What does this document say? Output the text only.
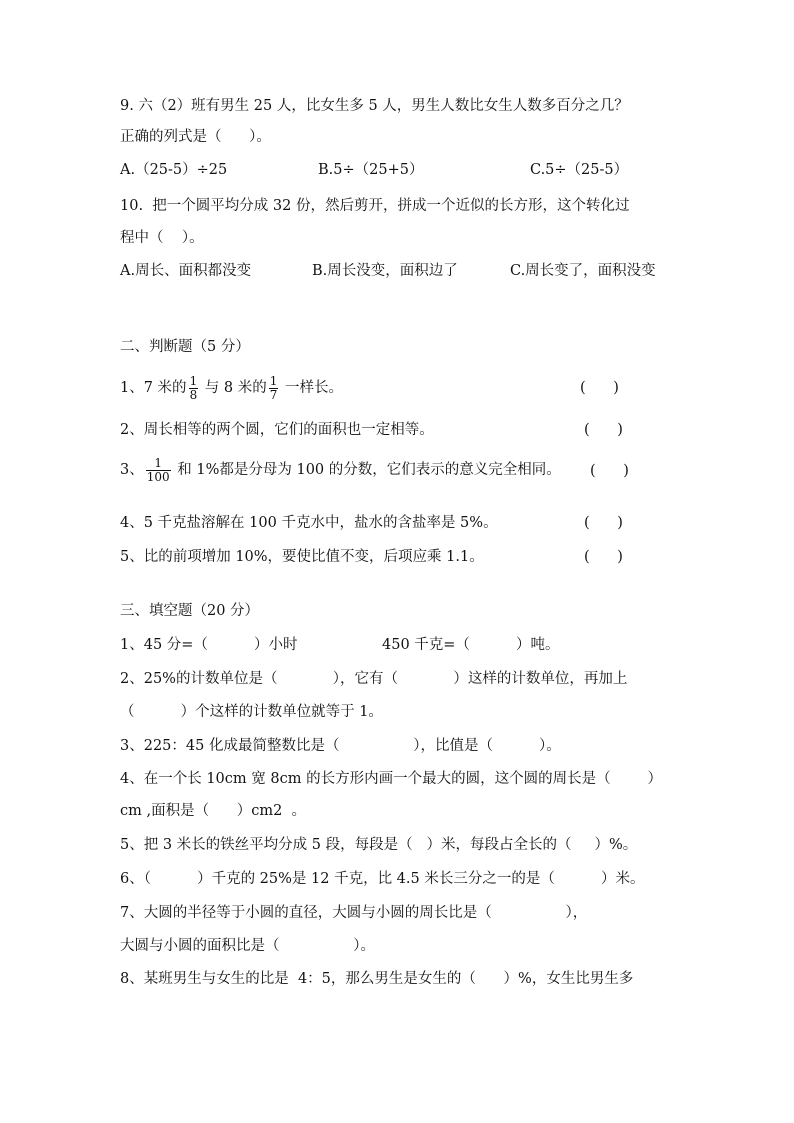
9. 六（2）班有男生 25 人，比女生多 5 人，男生人数比女生人数多百分之几？
正确的列式是（      ）。
A.（25-5）÷25	B.5÷（25+5）	C.5÷（25-5）
10.  把一个圆平均分成 32 份，然后剪开，拼成一个近似的长方形，这个转化过
程中（    ）。
A.周长、面积都没变	B.周长没变，面积边了	C.周长变了，面积没变
二、判断题（5 分）
1、7 米的 $\frac{1}{8}$ 与 8 米的 $\frac{1}{7}$ 一样长。	(      )
2、周长相等的两个圆，它们的面积也一定相等。	(      )
3、 $\frac{1}{100}$ 和 1%都是分母为 100 的分数，它们表示的意义完全相同。 (      )
4、5 千克盐溶解在 100 千克水中，盐水的含盐率是 5%。	(      )
5、比的前项增加 10%，要使比值不变，后项应乘 1.1。	(      )
三、填空题（20 分）
1、45 分=（          ）小时	450 千克=（          ）吨。
2、25%的计数单位是（            ），它有（            ）这样的计数单位，再加上
（          ）个这样的计数单位就等于 1。
3、225：45 化成最简整数比是（                ），比值是（          ）。
4、在一个长 10cm 宽 8cm 的长方形内画一个最大的圆，这个圆的周长是（        ）
cm ,面积是（      ）cm2  。
5、把 3 米长的铁丝平均分成 5 段，每段是（   ）米，每段占全长的（     ）%。
6、（          ）千克的 25%是 12 千克，比 4.5 米长三分之一的是（          ）米。
7、大圆的半径等于小圆的直径，大圆与小圆的周长比是（                ），
大圆与小圆的面积比是（                ）。
8、某班男生与女生的比是  4：5，那么男生是女生的（      ）%，女生比男生多
